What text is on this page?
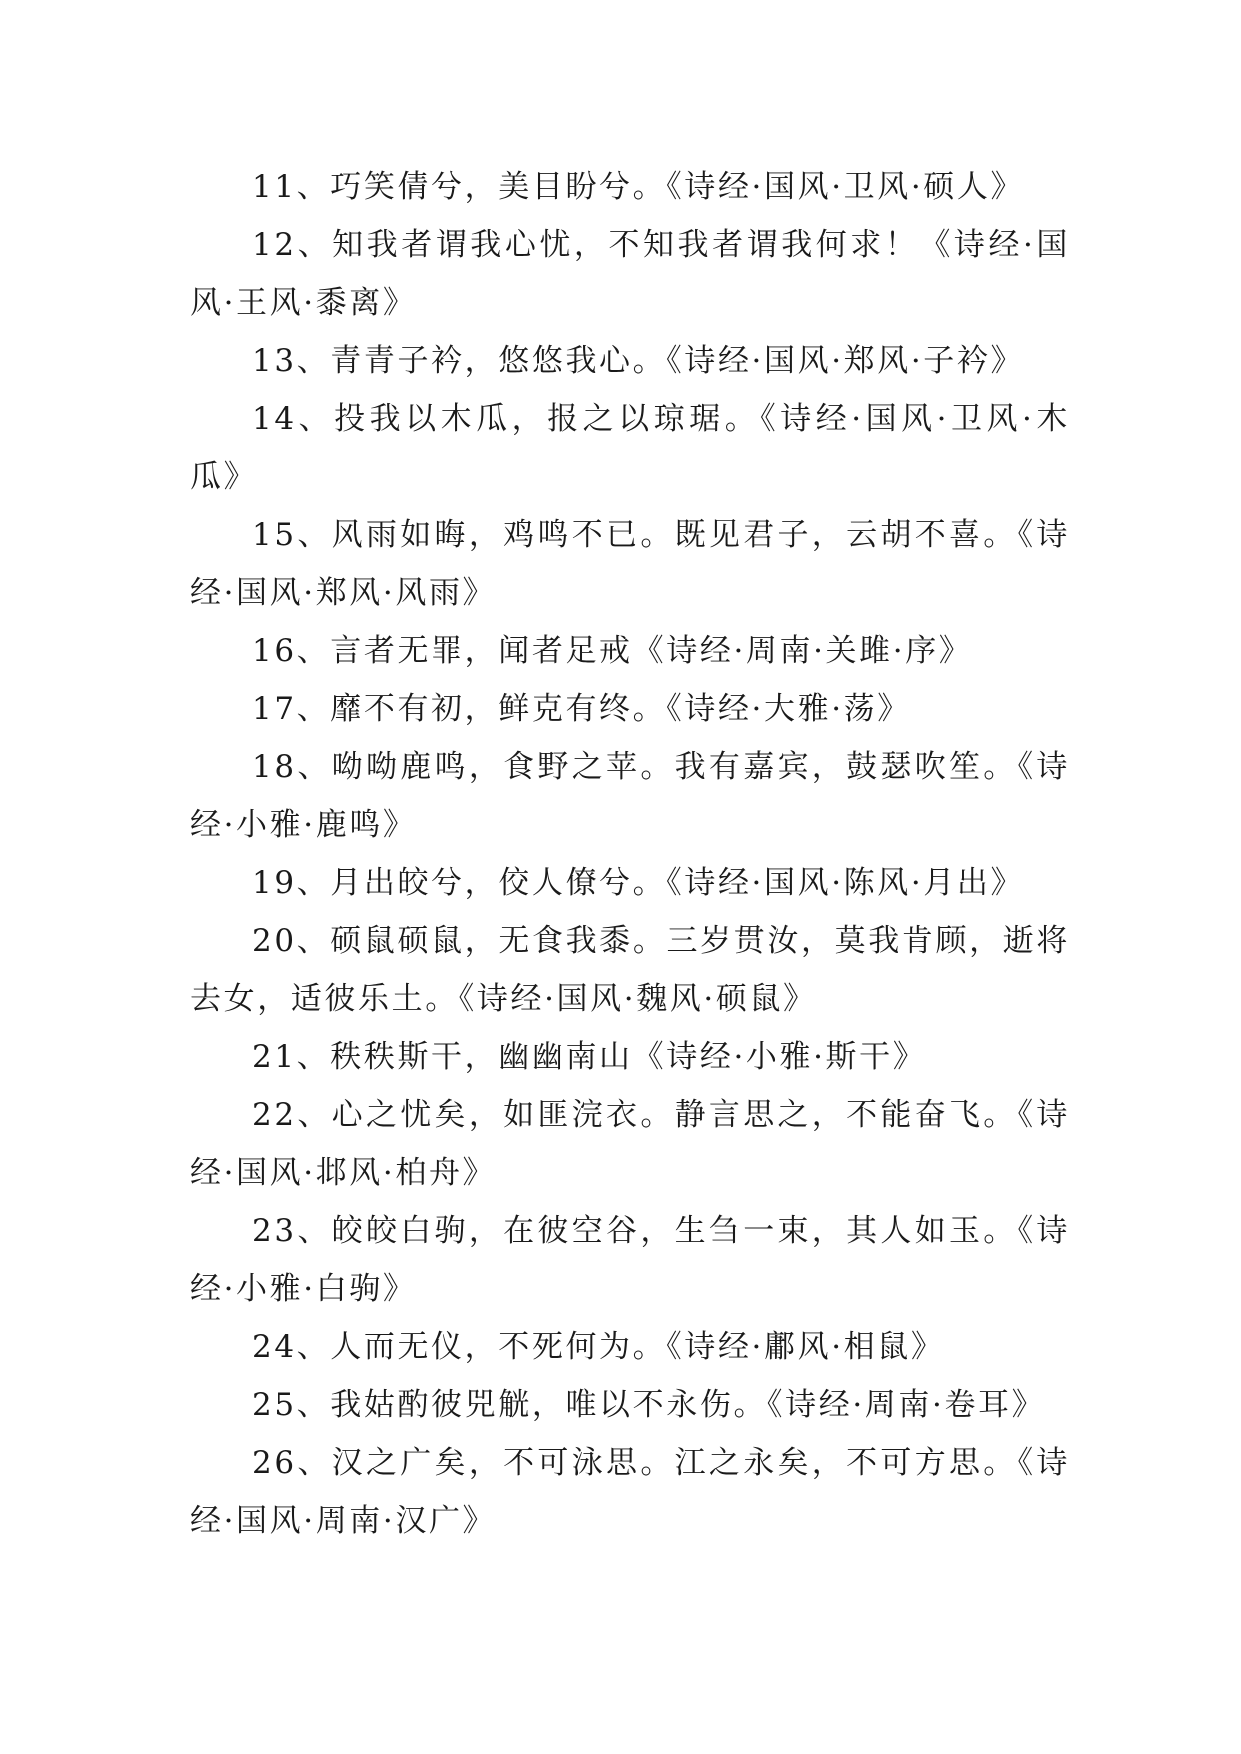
11、巧笑倩兮，美目盼兮。《诗经·国风·卫风·硕人》

12、知我者谓我心忧，不知我者谓我何求！《诗经·国风·王风·黍离》

13、青青子衿，悠悠我心。《诗经·国风·郑风·子衿》

14、投我以木瓜，报之以琼琚。《诗经·国风·卫风·木瓜》

15、风雨如晦，鸡鸣不已。既见君子，云胡不喜。《诗经·国风·郑风·风雨》

16、言者无罪，闻者足戒《诗经·周南·关雎·序》

17、靡不有初，鲜克有终。《诗经·大雅·荡》

18、呦呦鹿鸣，食野之苹。我有嘉宾，鼓瑟吹笙。《诗经·小雅·鹿鸣》

19、月出皎兮，佼人僚兮。《诗经·国风·陈风·月出》

20、硕鼠硕鼠，无食我黍。三岁贯汝，莫我肯顾，逝将去女，适彼乐土。《诗经·国风·魏风·硕鼠》

21、秩秩斯干，幽幽南山《诗经·小雅·斯干》

22、心之忧矣，如匪浣衣。静言思之，不能奋飞。《诗经·国风·邶风·柏舟》

23、皎皎白驹，在彼空谷，生刍一束，其人如玉。《诗经·小雅·白驹》

24、人而无仪，不死何为。《诗经·鄘风·相鼠》

25、我姑酌彼兕觥，唯以不永伤。《诗经·周南·卷耳》

26、汉之广矣，不可泳思。江之永矣，不可方思。《诗经·国风·周南·汉广》
